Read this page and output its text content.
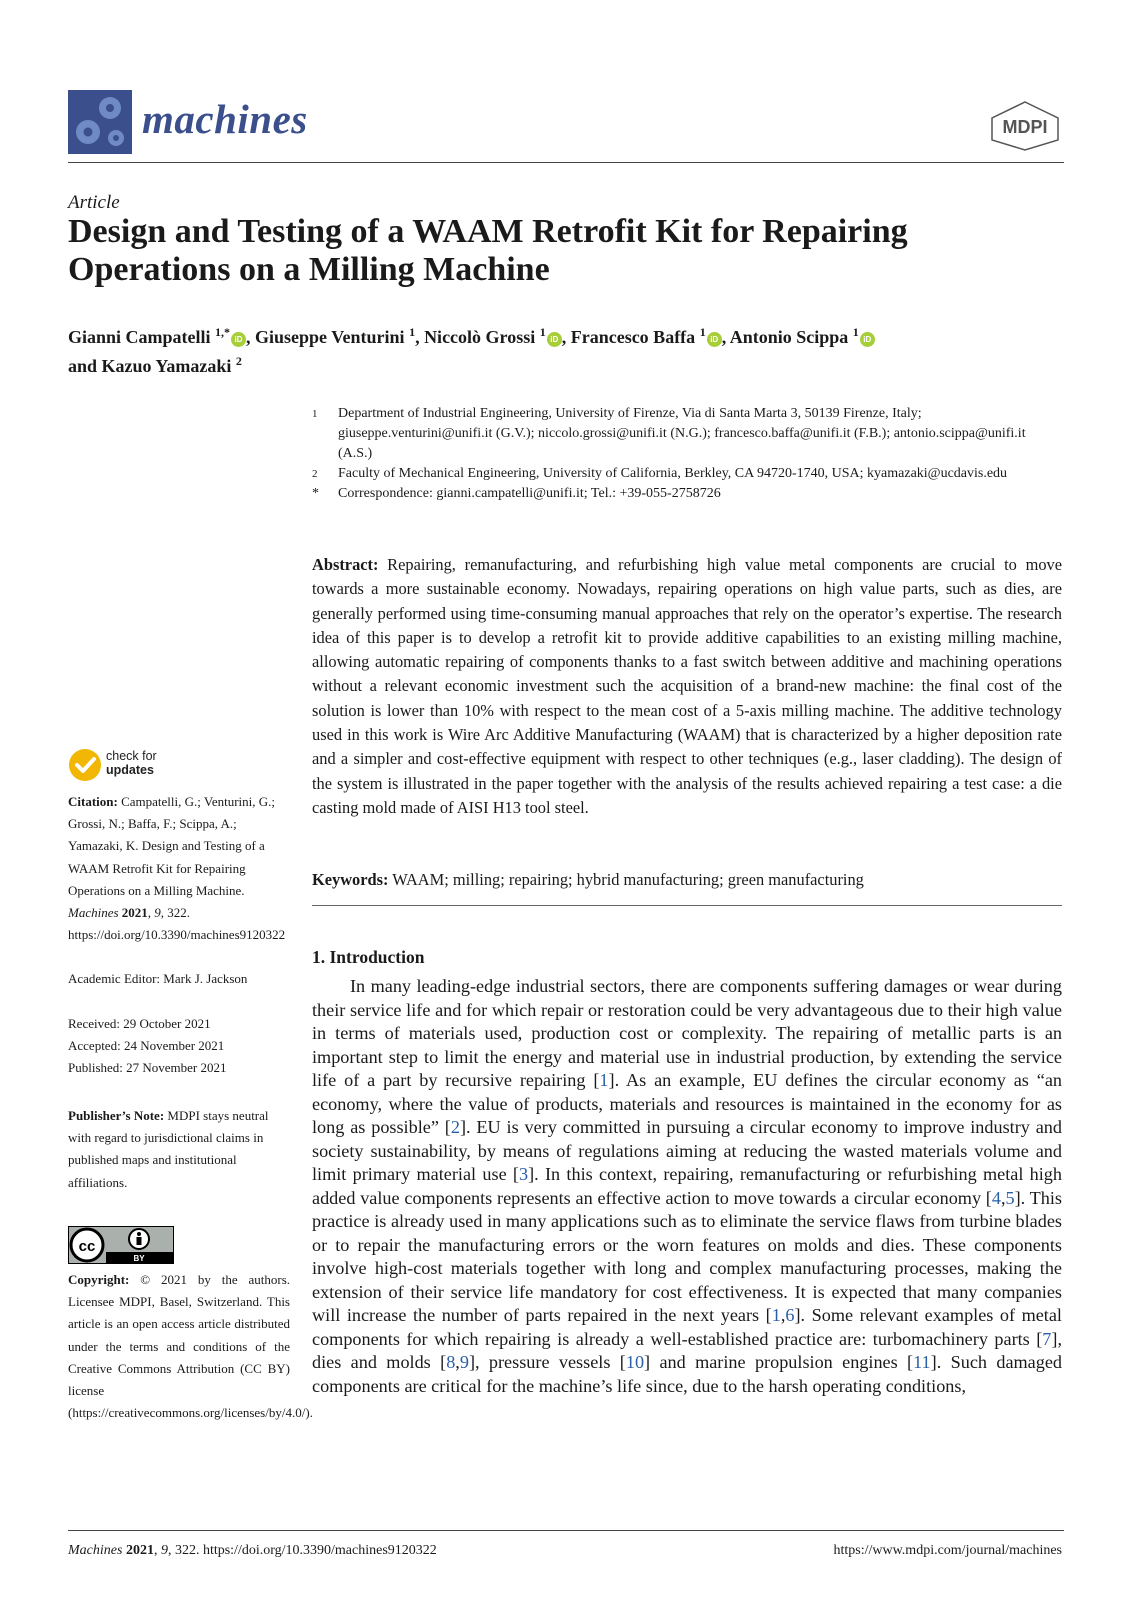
machines	MDPI
Article
Design and Testing of a WAAM Retrofit Kit for Repairing Operations on a Milling Machine
Gianni Campatelli $^{1,*}$iD , Giuseppe Venturini $^1$, Niccolò Grossi $^1$iD , Francesco Baffa $^1$iD , Antonio Scippa $^1$iD
and Kazuo Yamazaki $^2$
1	Department of Industrial Engineering, University of Firenze, Via di Santa Marta 3, 50139 Firenze, Italy; giuseppe.venturini@unifi.it (G.V.); niccolo.grossi@unifi.it (N.G.); francesco.baffa@unifi.it (F.B.); antonio.scippa@unifi.it (A.S.)
2	Faculty of Mechanical Engineering, University of California, Berkley, CA 94720-1740, USA; kyamazaki@ucdavis.edu
*	Correspondence: gianni.campatelli@unifi.it; Tel.: +39-055-2758726
Abstract: Repairing, remanufacturing, and refurbishing high value metal components are crucial to move towards a more sustainable economy. Nowadays, repairing operations on high value parts, such as dies, are generally performed using time-consuming manual approaches that rely on the operator’s expertise. The research idea of this paper is to develop a retrofit kit to provide additive capabilities to an existing milling machine, allowing automatic repairing of components thanks to a fast switch between additive and machining operations without a relevant economic investment such the acquisition of a brand-new machine: the final cost of the solution is lower than 10% with respect to the mean cost of a 5-axis milling machine. The additive technology used in this work is Wire Arc Additive Manufacturing (WAAM) that is characterized by a higher deposition rate and a simpler and cost-effective equipment with respect to other techniques (e.g., laser cladding). The design of the system is illustrated in the paper together with the analysis of the results achieved repairing a test case: a die casting mold made of AISI H13 tool steel.
Keywords: WAAM; milling; repairing; hybrid manufacturing; green manufacturing
1. Introduction

In many leading-edge industrial sectors, there are components suffering damages or wear during their service life and for which repair or restoration could be very advantageous due to their high value in terms of materials used, production cost or complexity. The repairing of metallic parts is an important step to limit the energy and material use in industrial production, by extending the service life of a part by recursive repairing [1]. As an example, EU defines the circular economy as “an economy, where the value of products, materials and resources is maintained in the economy for as long as possible” [2]. EU is very committed in pursuing a circular economy to improve industry and society sustainability, by means of regulations aiming at reducing the wasted materials volume and limit primary material use [3]. In this context, repairing, remanufacturing or refurbishing metal high added value components represents an effective action to move towards a circular economy [4,5]. This practice is already used in many applications such as to eliminate the service flaws from turbine blades or to repair the manufacturing errors or the worn features on molds and dies. These components involve high-cost materials together with long and complex manufacturing processes, making the extension of their service life mandatory for cost effectiveness. It is expected that many companies will increase the number of parts repaired in the next years [1,6]. Some relevant examples of metal components for which repairing is already a well-established practice are: turbomachinery parts [7], dies and molds [8,9], pressure vessels [10] and marine propulsion engines [11]. Such damaged components are critical for the machine’s life since, due to the harsh operating conditions,

check for
updates
Citation: Campatelli, G.; Venturini, G.; Grossi, N.; Baffa, F.; Scippa, A.; Yamazaki, K. Design and Testing of a WAAM Retrofit Kit for Repairing Operations on a Milling Machine. Machines 2021, 9, 322. https://doi.org/10.3390/machines9120322
Academic Editor: Mark J. Jackson
Received: 29 October 2021
Accepted: 24 November 2021
Published: 27 November 2021
Publisher’s Note: MDPI stays neutral with regard to jurisdictional claims in published maps and institutional affiliations.
cc
BY
Copyright: © 2021 by the authors. Licensee MDPI, Basel, Switzerland. This article is an open access article distributed under the terms and conditions of the Creative Commons Attribution (CC BY) license (https://creativecommons.org/licenses/by/4.0/).
Machines 2021, 9, 322. https://doi.org/10.3390/machines9120322	https://www.mdpi.com/journal/machines
